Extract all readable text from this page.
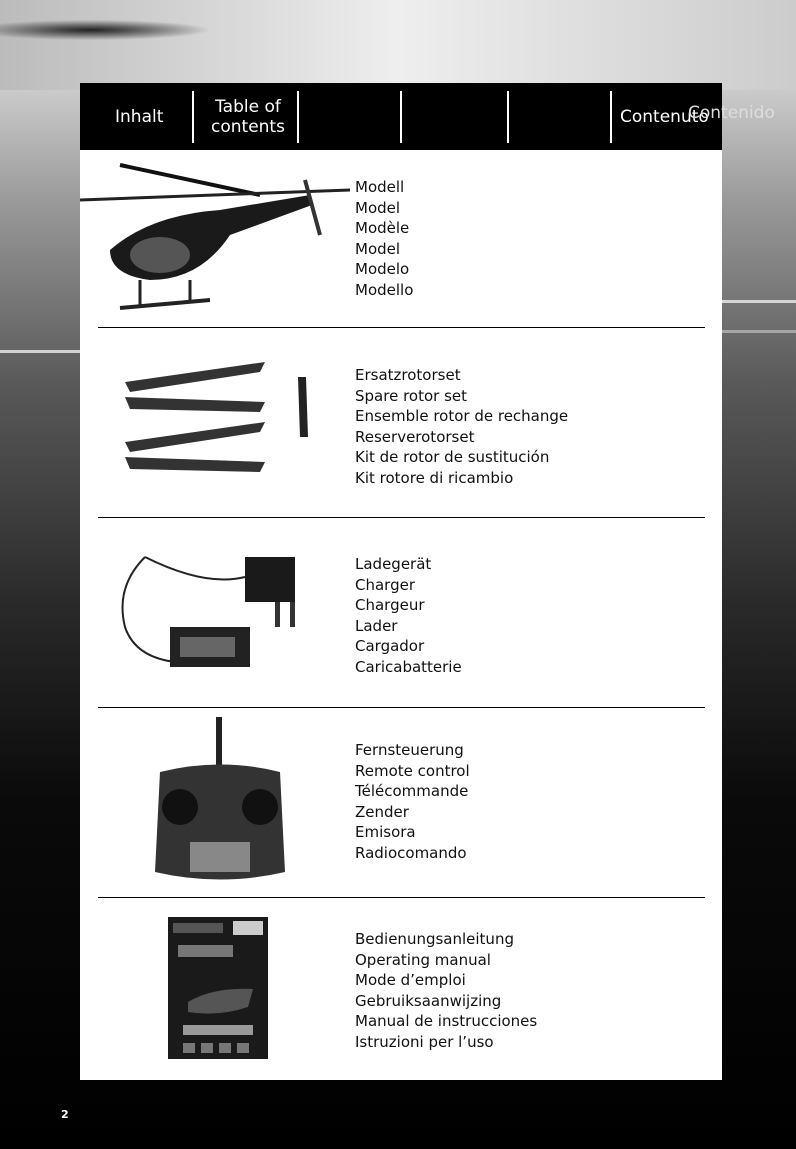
Inhalt	Table of contents	Contenuto
Contenido
Modell
Model
Modèle
Model
Modelo
Modello
Ersatzrotorset
Spare rotor set
Ensemble rotor de rechange
Reserverotorset
Kit de rotor de sustitución
Kit rotore di ricambio
Ladegerät
Charger
Chargeur
Lader
Cargador
Caricabatterie
Fernsteuerung
Remote control
Télécommande
Zender
Emisora
Radiocomando
Bedienungsanleitung
Operating manual
Mode d’emploi
Gebruiksaanwijzing
Manual de instrucciones
Istruzioni per l’uso
2
